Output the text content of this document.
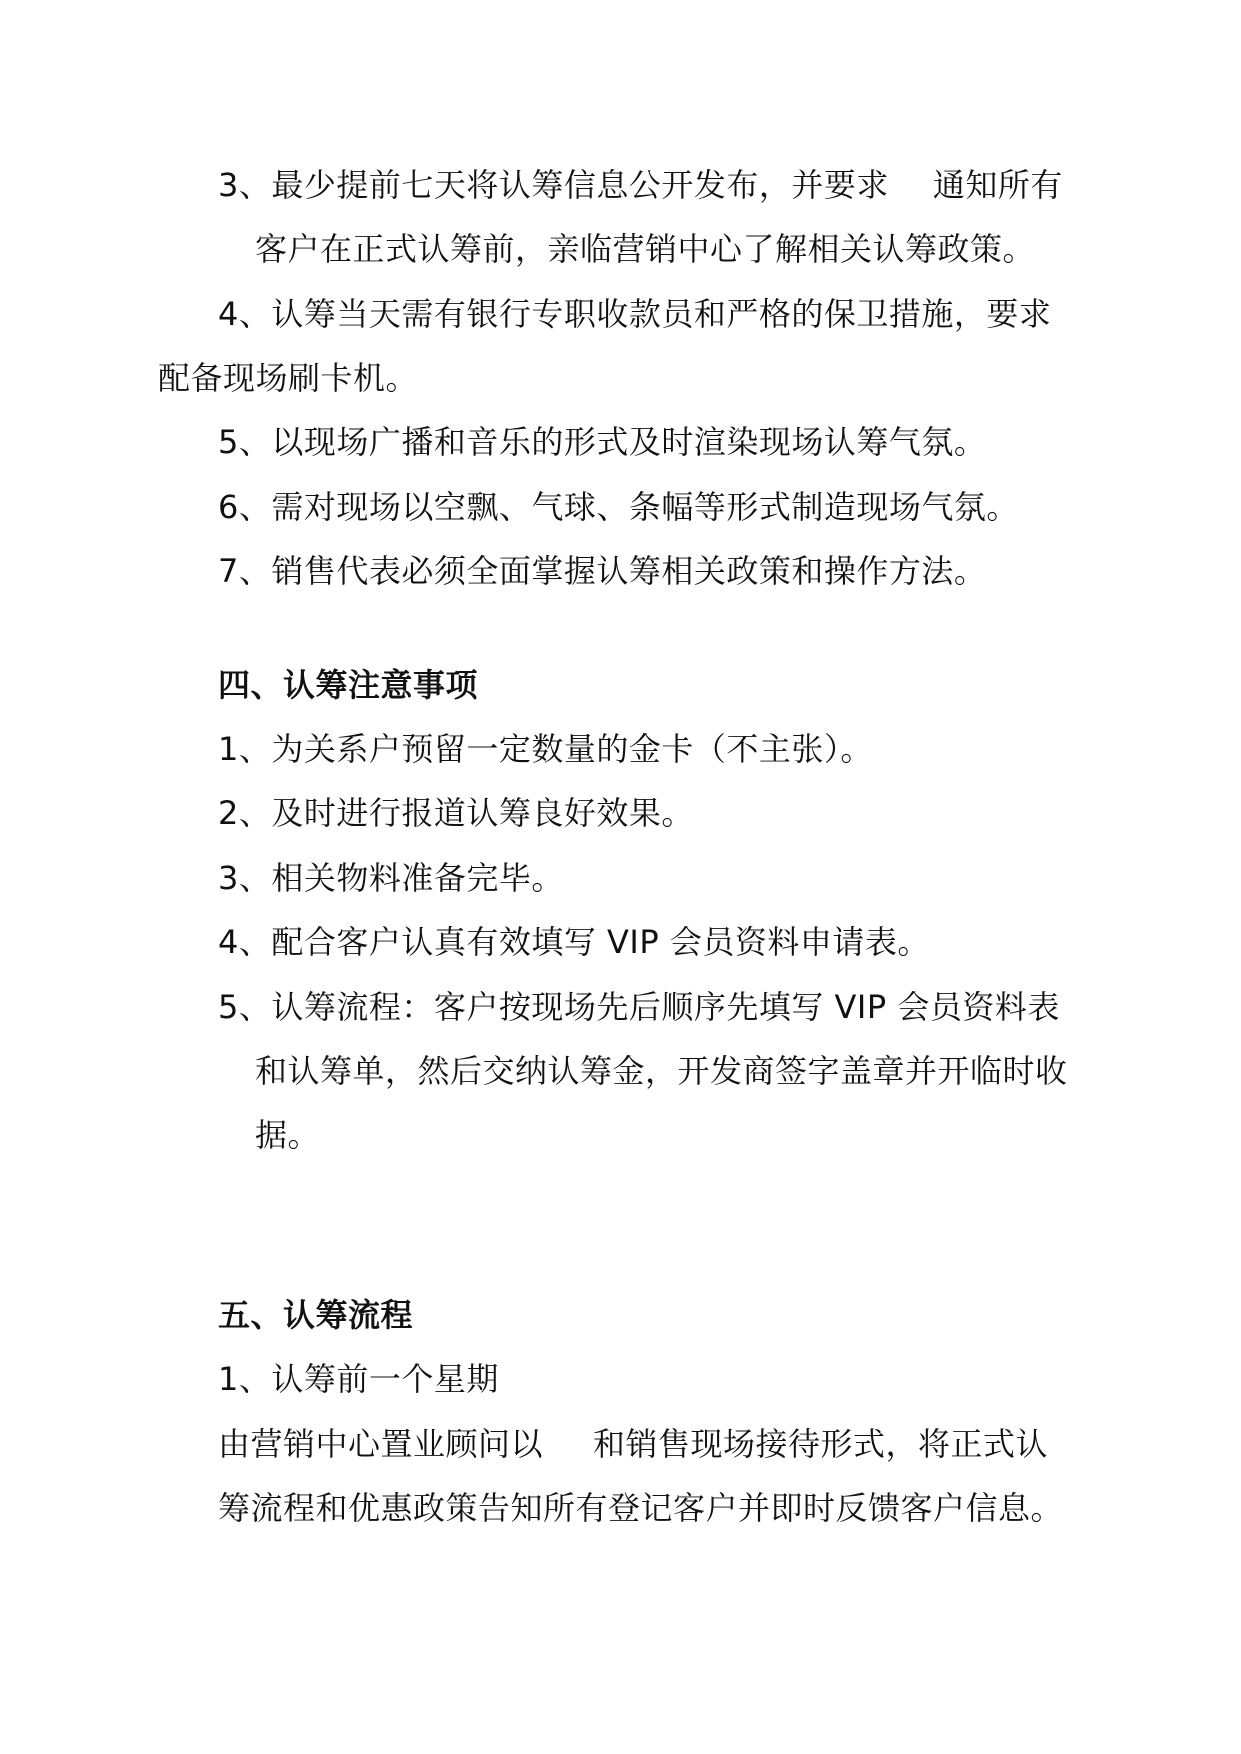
3、最少提前七天将认筹信息公开发布，并要求 通知所有
客户在正式认筹前，亲临营销中心了解相关认筹政策。
4、认筹当天需有银行专职收款员和严格的保卫措施，要求
配备现场刷卡机。
5、以现场广播和音乐的形式及时渲染现场认筹气氛。
6、需对现场以空飘、气球、条幅等形式制造现场气氛。
7、销售代表必须全面掌握认筹相关政策和操作方法。
四、认筹注意事项
1、为关系户预留一定数量的金卡（不主张）。
2、及时进行报道认筹良好效果。
3、相关物料准备完毕。
4、配合客户认真有效填写 VIP 会员资料申请表。
5、认筹流程：客户按现场先后顺序先填写 VIP 会员资料表
和认筹单，然后交纳认筹金，开发商签字盖章并开临时收
据。
五、认筹流程
1、认筹前一个星期
由营销中心置业顾问以 和销售现场接待形式，将正式认
筹流程和优惠政策告知所有登记客户并即时反馈客户信息。
